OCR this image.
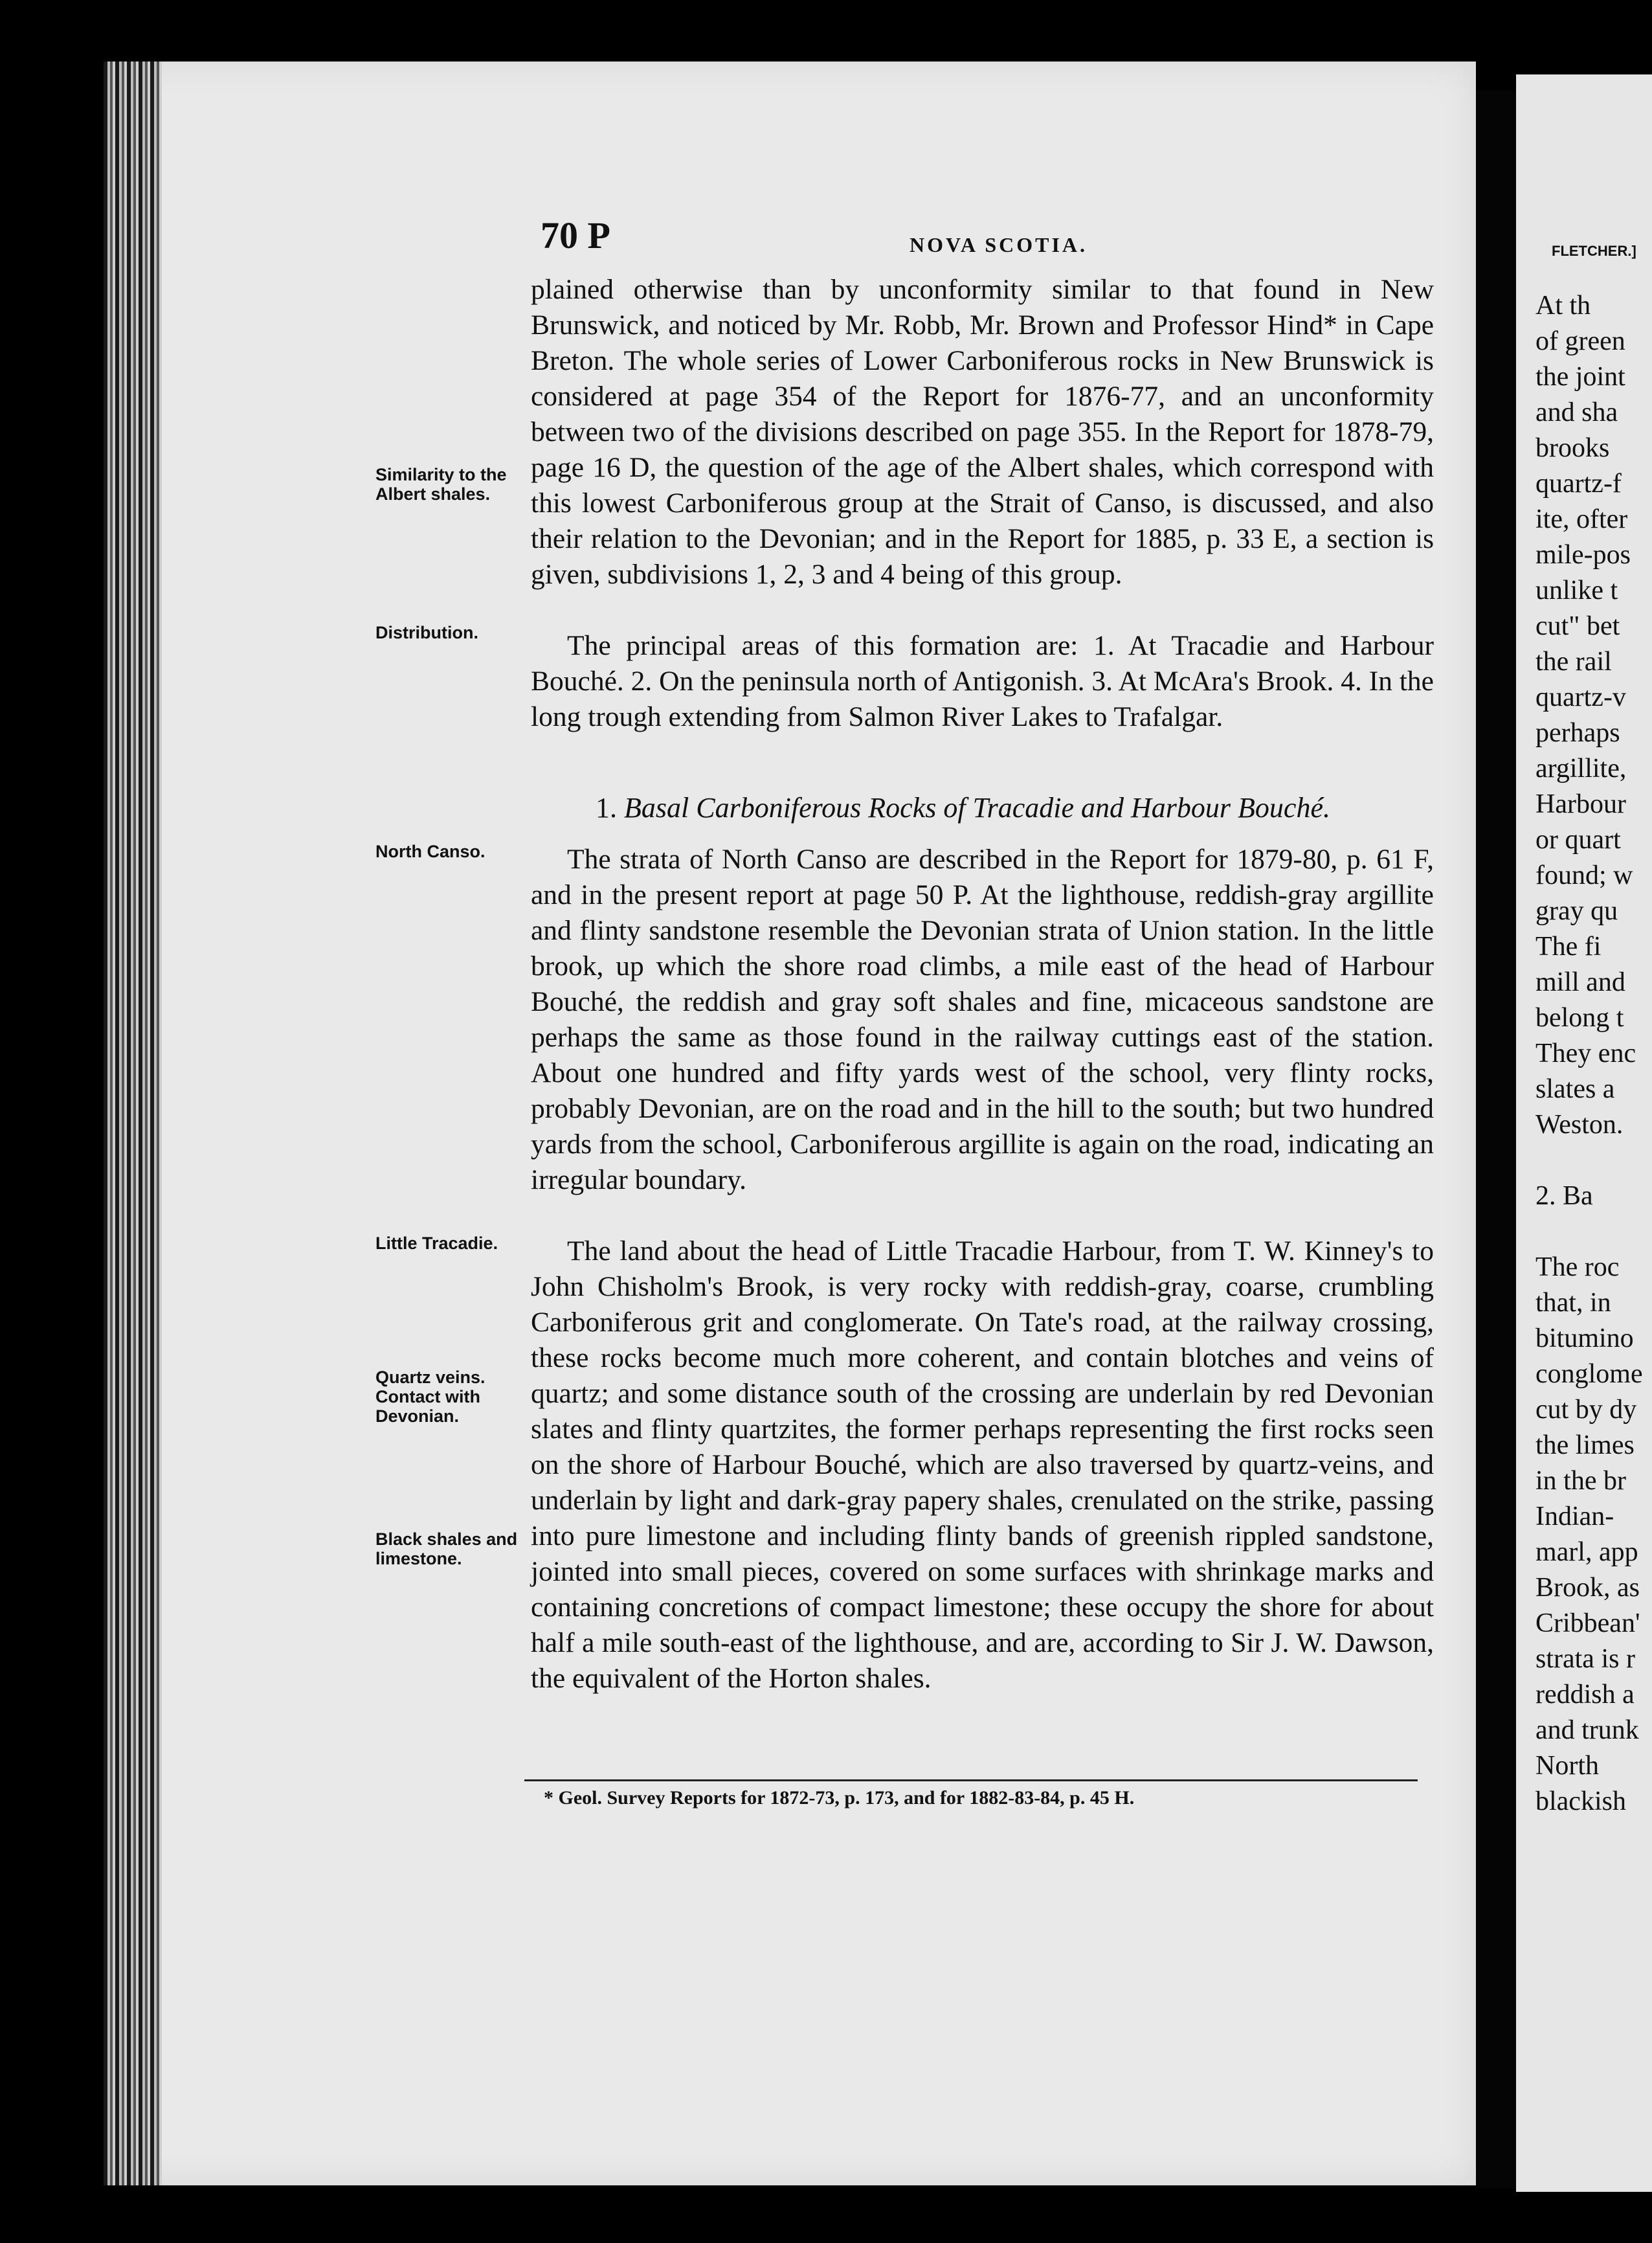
70 P	NOVA SCOTIA.
Similarity to the Albert shales.
Distribution.
North Canso.
Little Tracadie.
Quartz veins. Contact with Devonian.
Black shales and limestone.

plained otherwise than by unconformity similar to that found in New Brunswick, and noticed by Mr. Robb, Mr. Brown and Professor Hind* in Cape Breton. The whole series of Lower Carboniferous rocks in New Brunswick is considered at page 354 of the Report for 1876-77, and an unconformity between two of the divisions described on page 355. In the Report for 1878-79, page 16 D, the question of the age of the Albert shales, which correspond with this lowest Carboniferous group at the Strait of Canso, is discussed, and also their relation to the Devonian; and in the Report for 1885, p. 33 E, a section is given, subdivisions 1, 2, 3 and 4 being of this group.

The principal areas of this formation are: 1. At Tracadie and Harbour Bouché. 2. On the peninsula north of Antigonish. 3. At McAra's Brook. 4. In the long trough extending from Salmon River Lakes to Trafalgar.

1. Basal Carboniferous Rocks of Tracadie and Harbour Bouché.

The strata of North Canso are described in the Report for 1879-80, p. 61 F, and in the present report at page 50 P. At the lighthouse, reddish-gray argillite and flinty sandstone resemble the Devonian strata of Union station. In the little brook, up which the shore road climbs, a mile east of the head of Harbour Bouché, the reddish and gray soft shales and fine, micaceous sandstone are perhaps the same as those found in the railway cuttings east of the station. About one hundred and fifty yards west of the school, very flinty rocks, probably Devonian, are on the road and in the hill to the south; but two hundred yards from the school, Carboniferous argillite is again on the road, indicating an irregular boundary.

The land about the head of Little Tracadie Harbour, from T. W. Kinney's to John Chisholm's Brook, is very rocky with reddish-gray, coarse, crumbling Carboniferous grit and conglomerate. On Tate's road, at the railway crossing, these rocks become much more coherent, and contain blotches and veins of quartz; and some distance south of the crossing are underlain by red Devonian slates and flinty quartzites, the former perhaps representing the first rocks seen on the shore of Harbour Bouché, which are also traversed by quartz-veins, and underlain by light and dark-gray papery shales, crenulated on the strike, passing into pure limestone and including flinty bands of greenish rippled sandstone, jointed into small pieces, covered on some surfaces with shrinkage marks and containing concretions of compact limestone; these occupy the shore for about half a mile south-east of the lighthouse, and are, according to Sir J. W. Dawson, the equivalent of the Horton shales.

* Geol. Survey Reports for 1872-73, p. 173, and for 1882-83-84, p. 45 H.
FLETCHER.]
At th
of green
the joint
and sha
brooks
quartz-f
ite, ofter
mile-pos
unlike t
cut" bet
the rail
quartz-v
perhaps
argillite,
Harbour
or quart
found; w
gray qu
The fi
mill and
belong t
They enc
slates a
Weston.
2. Ba
The roc
that, in
bitumino
conglome
cut by dy
the limes
in the br
Indian-
marl, app
Brook, as
Cribbean'
strata is r
reddish a
and trunk
North
blackish
